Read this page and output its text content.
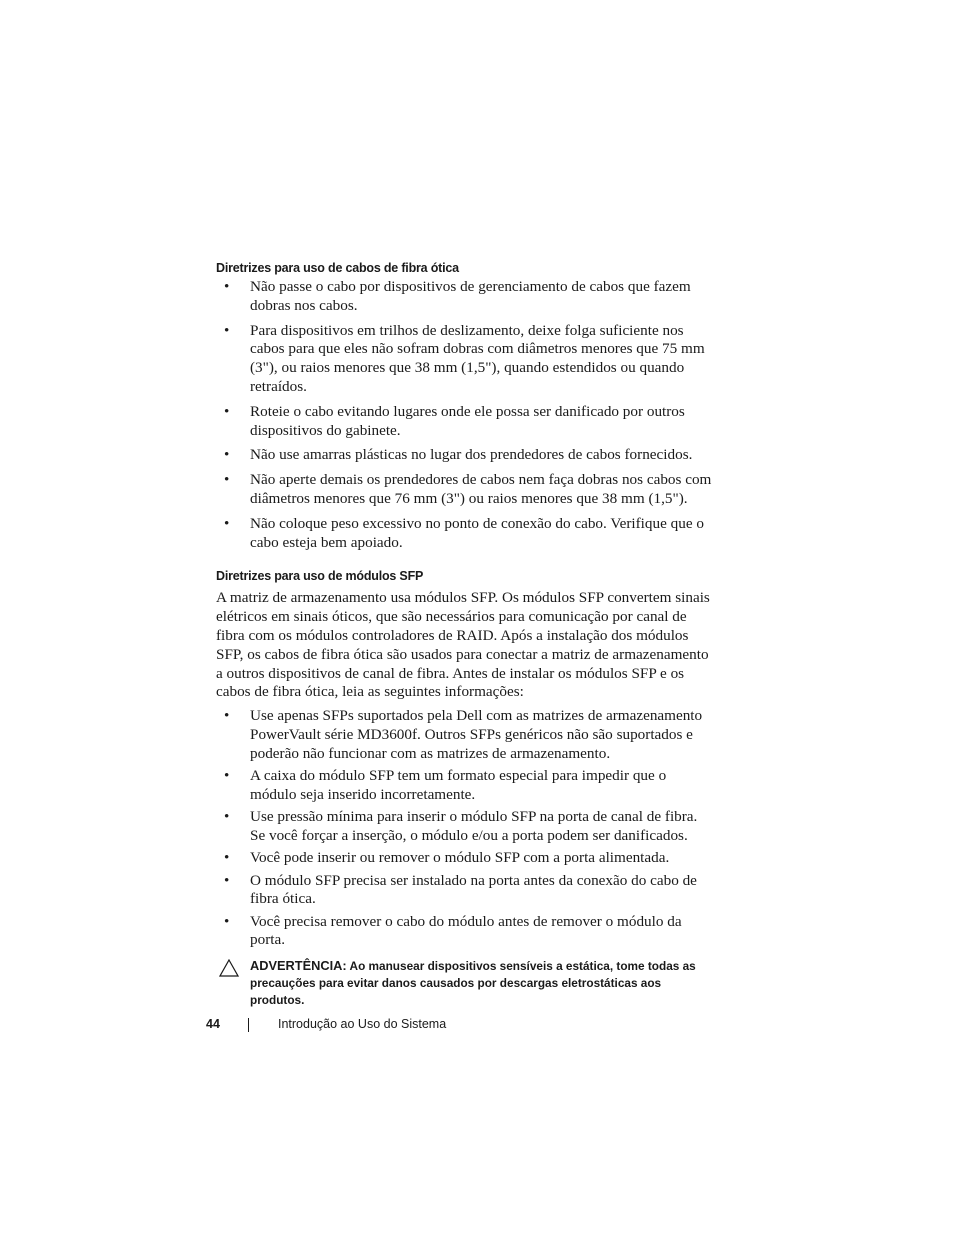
Diretrizes para uso de cabos de fibra ótica
• Não passe o cabo por dispositivos de gerenciamento de cabos que fazem dobras nos cabos.
• Para dispositivos em trilhos de deslizamento, deixe folga suficiente nos cabos para que eles não sofram dobras com diâmetros menores que 75 mm (3"), ou raios menores que 38 mm (1,5"), quando estendidos ou quando retraídos.
• Roteie o cabo evitando lugares onde ele possa ser danificado por outros dispositivos do gabinete.
• Não use amarras plásticas no lugar dos prendedores de cabos fornecidos.
• Não aperte demais os prendedores de cabos nem faça dobras nos cabos com diâmetros menores que 76 mm (3") ou raios menores que 38 mm (1,5").
• Não coloque peso excessivo no ponto de conexão do cabo. Verifique que o cabo esteja bem apoiado.
Diretrizes para uso de módulos SFP

A matriz de armazenamento usa módulos SFP. Os módulos SFP convertem sinais elétricos em sinais óticos, que são necessários para comunicação por canal de fibra com os módulos controladores de RAID. Após a instalação dos módulos SFP, os cabos de fibra ótica são usados para conectar a matriz de armazenamento a outros dispositivos de canal de fibra. Antes de instalar os módulos SFP e os cabos de fibra ótica, leia as seguintes informações:

• Use apenas SFPs suportados pela Dell com as matrizes de armazenamento PowerVault série MD3600f. Outros SFPs genéricos não são suportados e poderão não funcionar com as matrizes de armazenamento.
• A caixa do módulo SFP tem um formato especial para impedir que o módulo seja inserido incorretamente.
• Use pressão mínima para inserir o módulo SFP na porta de canal de fibra. Se você forçar a inserção, o módulo e/ou a porta podem ser danificados.
• Você pode inserir ou remover o módulo SFP com a porta alimentada.
• O módulo SFP precisa ser instalado na porta antes da conexão do cabo de fibra ótica.
• Você precisa remover o cabo do módulo antes de remover o módulo da porta.
ADVERTÊNCIA: Ao manusear dispositivos sensíveis a estática, tome todas as precauções para evitar danos causados por descargas eletrostáticas aos produtos.
44	Introdução ao Uso do Sistema
